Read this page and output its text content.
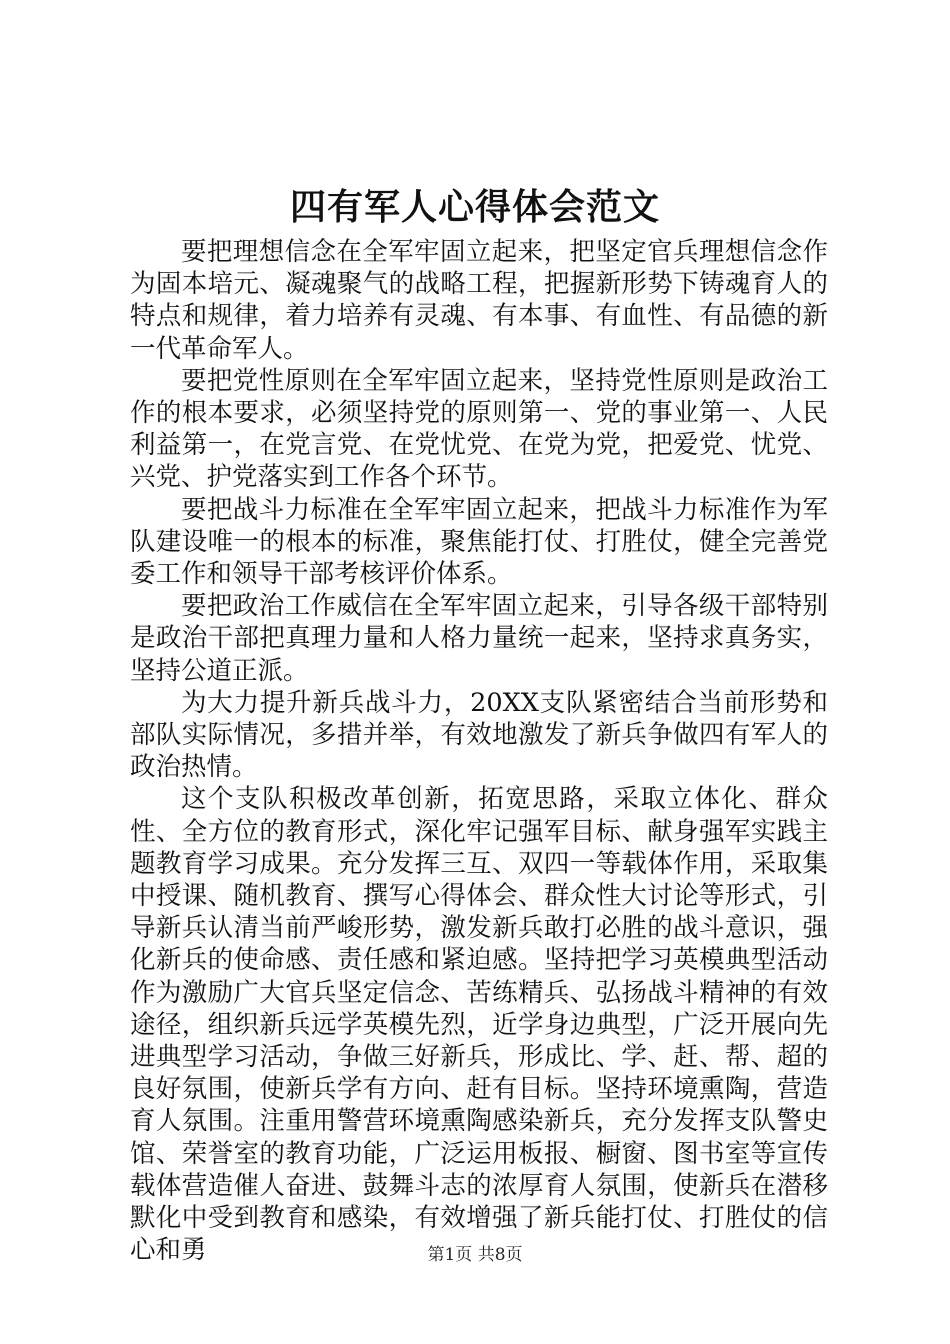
四有军人心得体会范文

要把理想信念在全军牢固立起来，把坚定官兵理想信念作为固本培元、凝魂聚气的战略工程，把握新形势下铸魂育人的特点和规律，着力培养有灵魂、有本事、有血性、有品德的新一代革命军人。

要把党性原则在全军牢固立起来，坚持党性原则是政治工作的根本要求，必须坚持党的原则第一、党的事业第一、人民利益第一，在党言党、在党忧党、在党为党，把爱党、忧党、兴党、护党落实到工作各个环节。

要把战斗力标准在全军牢固立起来，把战斗力标准作为军队建设唯一的根本的标准，聚焦能打仗、打胜仗，健全完善党委工作和领导干部考核评价体系。

要把政治工作威信在全军牢固立起来，引导各级干部特别是政治干部把真理力量和人格力量统一起来，坚持求真务实，坚持公道正派。

为大力提升新兵战斗力，20XX支队紧密结合当前形势和部队实际情况，多措并举，有效地激发了新兵争做四有军人的政治热情。

这个支队积极改革创新，拓宽思路，采取立体化、群众性、全方位的教育形式，深化牢记强军目标、献身强军实践主题教育学习成果。充分发挥三互、双四一等载体作用，采取集中授课、随机教育、撰写心得体会、群众性大讨论等形式，引导新兵认清当前严峻形势，激发新兵敢打必胜的战斗意识，强化新兵的使命感、责任感和紧迫感。坚持把学习英模典型活动作为激励广大官兵坚定信念、苦练精兵、弘扬战斗精神的有效途径，组织新兵远学英模先烈，近学身边典型，广泛开展向先进典型学习活动，争做三好新兵，形成比、学、赶、帮、超的良好氛围，使新兵学有方向、赶有目标。坚持环境熏陶，营造育人氛围。注重用警营环境熏陶感染新兵，充分发挥支队警史馆、荣誉室的教育功能，广泛运用板报、橱窗、图书室等宣传载体营造催人奋进、鼓舞斗志的浓厚育人氛围，使新兵在潜移默化中受到教育和感染，有效增强了新兵能打仗、打胜仗的信心和勇	第1页 共8页
